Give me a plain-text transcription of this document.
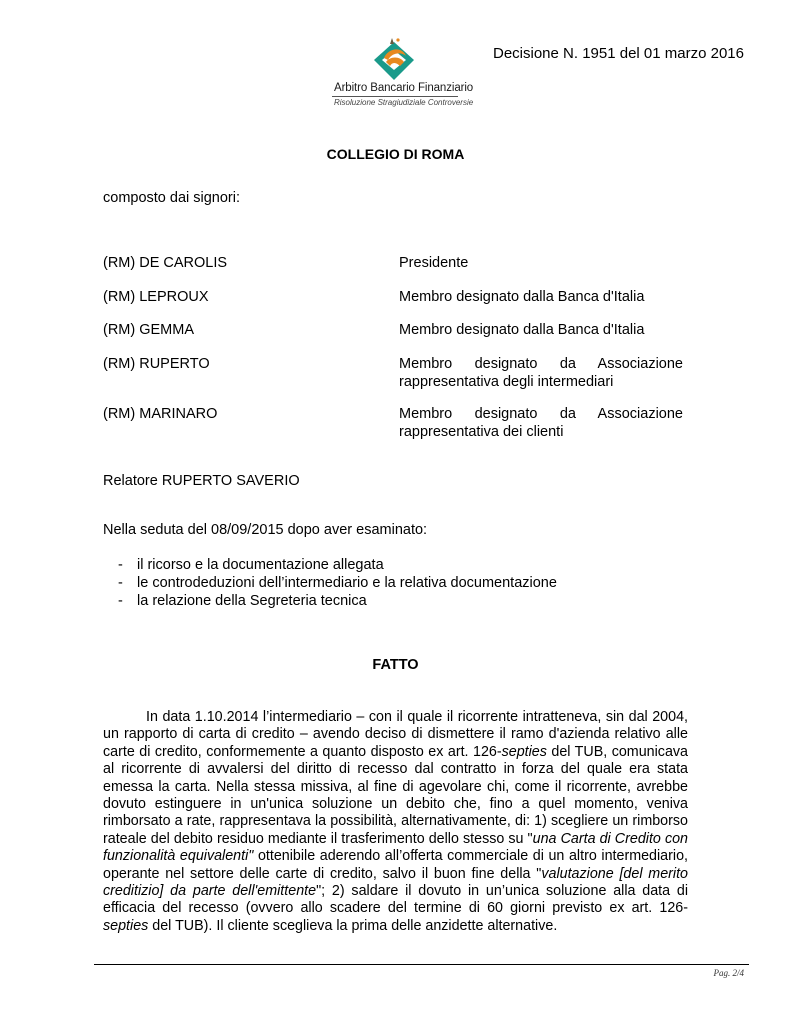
Arbitro Bancario Finanziario
Risoluzione Stragiudiziale Controversie
Decisione N. 1951 del 01 marzo 2016
COLLEGIO DI ROMA
composto dai signori:
(RM) DE CAROLIS	Presidente
(RM) LEPROUX	Membro designato dalla Banca d'Italia
(RM) GEMMA	Membro designato dalla Banca d'Italia
(RM) RUPERTO	Membro designato da Associazione
rappresentativa degli intermediari
(RM) MARINARO	Membro designato da Associazione
rappresentativa dei clienti
Relatore RUPERTO SAVERIO
Nella seduta del 08/09/2015 dopo aver esaminato:
- il ricorso e la documentazione allegata
- le controdeduzioni dell’intermediario e la relativa documentazione
- la relazione della Segreteria tecnica
FATTO

In data 1.10.2014 l’intermediario – con il quale il ricorrente intratteneva, sin dal 2004, un rapporto di carta di credito – avendo deciso di dismettere il ramo d'azienda relativo alle carte di credito, conformemente a quanto disposto ex art. 126-septies del TUB, comunicava al ricorrente di avvalersi del diritto di recesso dal contratto in forza del quale era stata emessa la carta. Nella stessa missiva, al fine di agevolare chi, come il ricorrente, avrebbe dovuto estinguere in un'unica soluzione un debito che, fino a quel momento, veniva rimborsato a rate, rappresentava la possibilità, alternativamente, di: 1) scegliere un rimborso rateale del debito residuo mediante il trasferimento dello stesso su "una Carta di Credito con funzionalità equivalenti" ottenibile aderendo all’offerta commerciale di un altro intermediario, operante nel settore delle carte di credito, salvo il buon fine della "valutazione [del merito creditizio] da parte dell'emittente"; 2) saldare il dovuto in un’unica soluzione alla data di efficacia del recesso (ovvero allo scadere del termine di 60 giorni previsto ex art. 126-septies del TUB). Il cliente sceglieva la prima delle anzidette alternative.

Pag. 2/4
